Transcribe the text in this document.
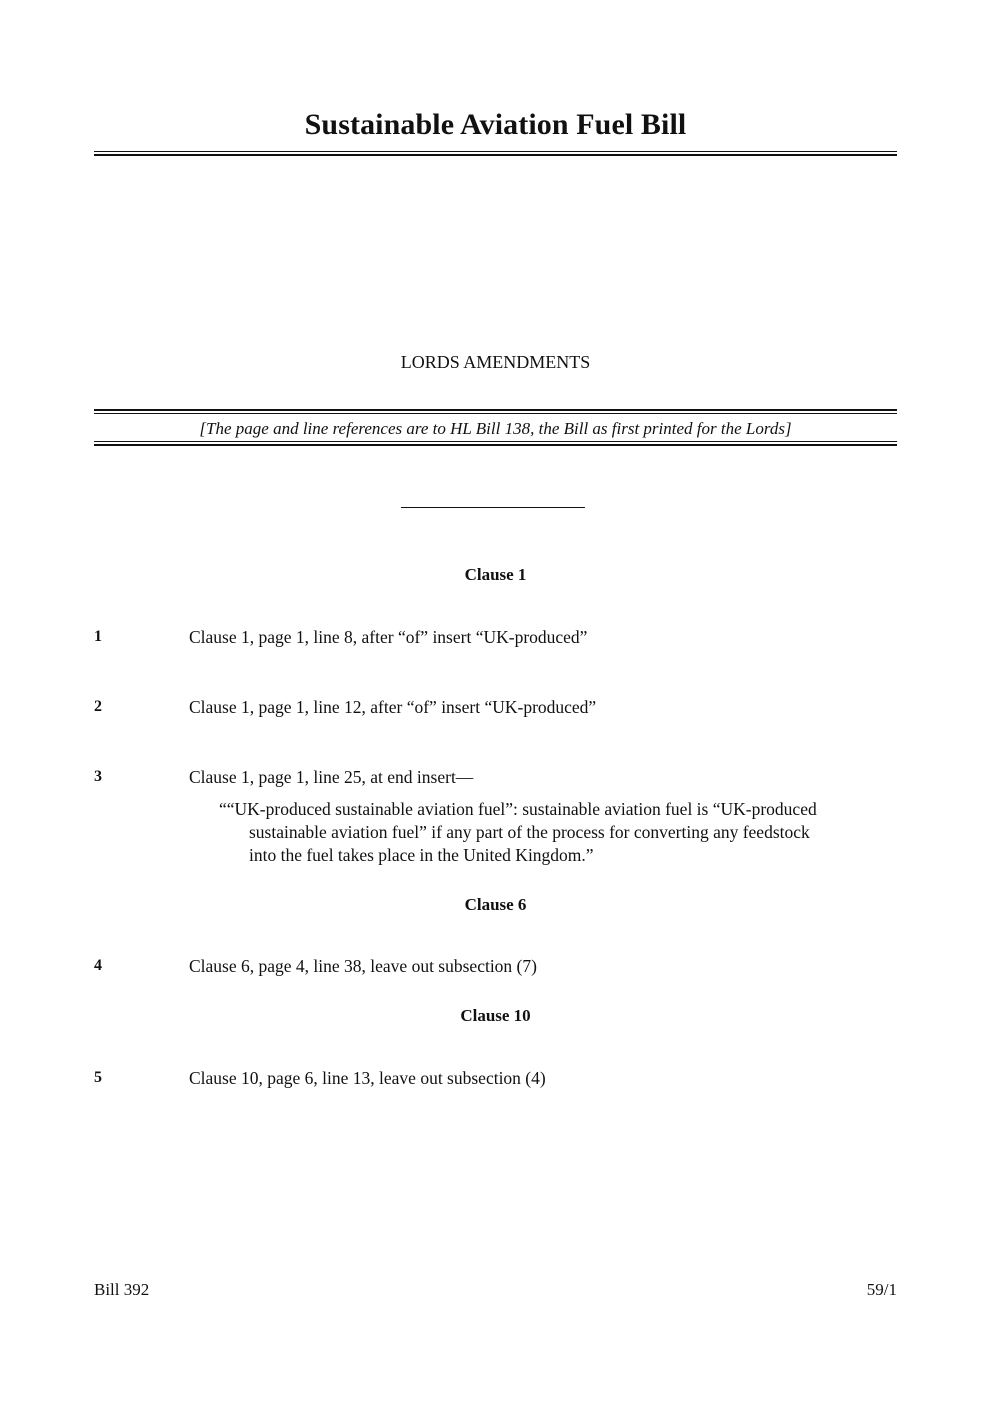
Sustainable Aviation Fuel Bill
LORDS AMENDMENTS
[The page and line references are to HL Bill 138, the Bill as first printed for the Lords]
Clause 1
1	Clause 1, page 1, line 8, after “of” insert “UK-produced”
2	Clause 1, page 1, line 12, after “of” insert “UK-produced”
3	Clause 1, page 1, line 25, at end insert—
““UK-produced sustainable aviation fuel”: sustainable aviation fuel is “UK-produced
sustainable aviation fuel” if any part of the process for converting any feedstock
into the fuel takes place in the United Kingdom.”
Clause 6
4	Clause 6, page 4, line 38, leave out subsection (7)
Clause 10
5	Clause 10, page 6, line 13, leave out subsection (4)
Bill 392	59/1
